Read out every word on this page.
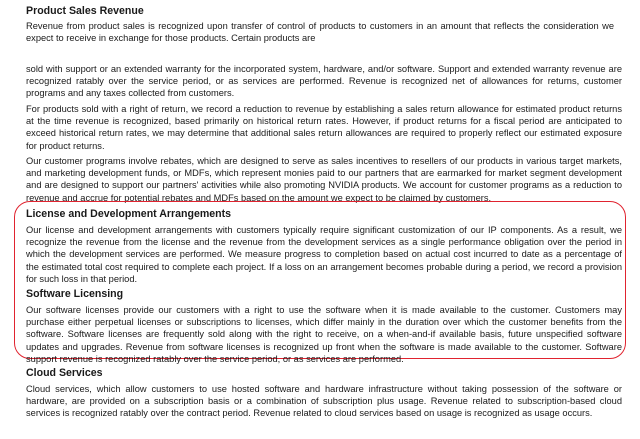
Product Sales Revenue
Revenue from product sales is recognized upon transfer of control of products to customers in an amount that reflects the consideration we expect to receive in exchange for those products. Certain products are
sold with support or an extended warranty for the incorporated system, hardware, and/or software. Support and extended warranty revenue are recognized ratably over the service period, or as services are performed. Revenue is recognized net of allowances for returns, customer programs and any taxes collected from customers.
For products sold with a right of return, we record a reduction to revenue by establishing a sales return allowance for estimated product returns at the time revenue is recognized, based primarily on historical return rates. However, if product returns for a fiscal period are anticipated to exceed historical return rates, we may determine that additional sales return allowances are required to properly reflect our estimated exposure for product returns.
Our customer programs involve rebates, which are designed to serve as sales incentives to resellers of our products in various target markets, and marketing development funds, or MDFs, which represent monies paid to our partners that are earmarked for market segment development and are designed to support our partners' activities while also promoting NVIDIA products. We account for customer programs as a reduction to revenue and accrue for potential rebates and MDFs based on the amount we expect to be claimed by customers.
License and Development Arrangements
Our license and development arrangements with customers typically require significant customization of our IP components. As a result, we recognize the revenue from the license and the revenue from the development services as a single performance obligation over the period in which the development services are performed. We measure progress to completion based on actual cost incurred to date as a percentage of the estimated total cost required to complete each project. If a loss on an arrangement becomes probable during a period, we record a provision for such loss in that period.
Software Licensing
Our software licenses provide our customers with a right to use the software when it is made available to the customer. Customers may purchase either perpetual licenses or subscriptions to licenses, which differ mainly in the duration over which the customer benefits from the software. Software licenses are frequently sold along with the right to receive, on a when-and-if available basis, future unspecified software updates and upgrades. Revenue from software licenses is recognized up front when the software is made available to the customer. Software support revenue is recognized ratably over the service period, or as services are performed.
Cloud Services
Cloud services, which allow customers to use hosted software and hardware infrastructure without taking possession of the software or hardware, are provided on a subscription basis or a combination of subscription plus usage. Revenue related to subscription-based cloud services is recognized ratably over the contract period. Revenue related to cloud services based on usage is recognized as usage occurs.
